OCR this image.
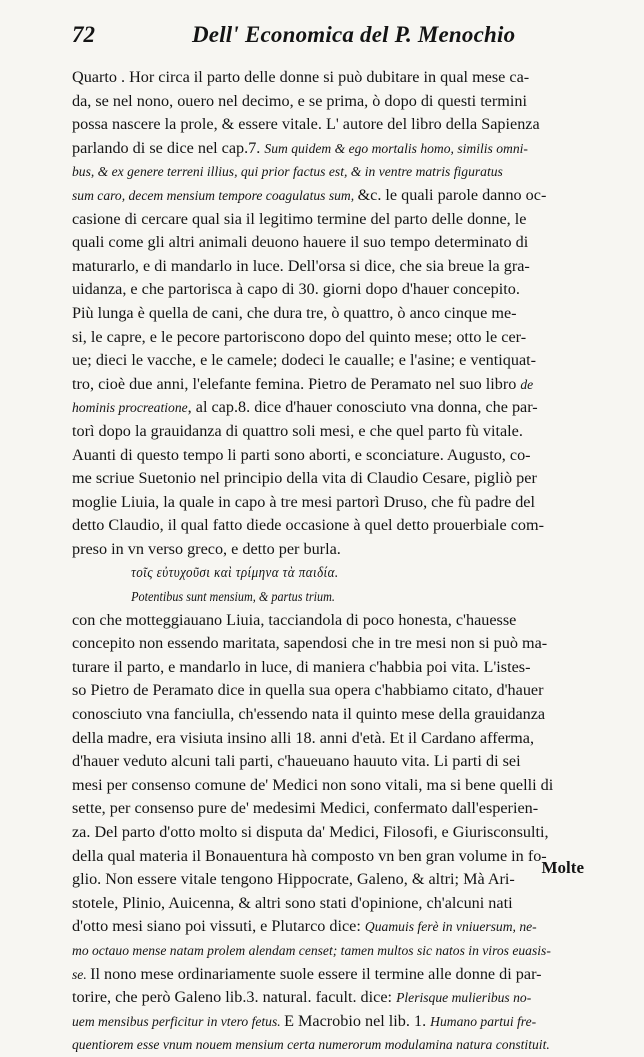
72	Dell' Economica del P. Menochio
Quarto . Hor circa il parto delle donne si può dubitare in qual mese ca-
da, se nel nono, ouero nel decimo, e se prima, ò dopo di questi termini
possa nascere la prole, & essere vitale. L' autore del libro della Sapienza
parlando di se dice nel cap.7. Sum quidem & ego mortalis homo, similis omni-
bus, & ex genere terreni illius, qui prior factus est, & in ventre matris figuratus
sum caro, decem mensium tempore coagulatus sum, &c. le quali parole danno oc-
casione di cercare qual sia il legitimo termine del parto delle donne, le
quali come gli altri animali deuono hauere il suo tempo determinato di
maturarlo, e di mandarlo in luce. Dell'orsa si dice, che sia breue la gra-
uidanza, e che partorisca à capo di 30. giorni dopo d'hauer concepito.
Più lunga è quella de cani, che dura tre, ò quattro, ò anco cinque me-
si, le capre, e le pecore partoriscono dopo del quinto mese; otto le cer-
ue; dieci le vacche, e le camele; dodeci le caualle; e l'asine; e ventiquat-
tro, cioè due anni, l'elefante femina. Pietro de Peramato nel suo libro de
hominis procreatione, al cap.8. dice d'hauer conosciuto vna donna, che par-
torì dopo la grauidanza di quattro soli mesi, e che quel parto fù vitale.
Auanti di questo tempo li parti sono aborti, e sconciature. Augusto, co-
me scriue Suetonio nel principio della vita di Claudio Cesare, pigliò per
moglie Liuia, la quale in capo à tre mesi partorì Druso, che fù padre del
detto Claudio, il qual fatto diede occasione à quel detto prouerbiale com-
preso in vn verso greco, e detto per burla.
τοῖς εὐτυχοῦσι καὶ τρίμηνα τὰ παιδία.
Potentibus sunt mensium, & partus trium.
con che motteggiauano Liuia, tacciandola di poco honesta, c'hauesse
concepito non essendo maritata, sapendosi che in tre mesi non si può ma-
turare il parto, e mandarlo in luce, di maniera c'habbia poi vita. L'istes-
so Pietro de Peramato dice in quella sua opera c'habbiamo citato, d'hauer
conosciuto vna fanciulla, ch'essendo nata il quinto mese della grauidanza
della madre, era visiuta insino alli 18. anni d'età. Et il Cardano afferma,
d'hauer veduto alcuni tali parti, c'haueuano hauuto vita. Li parti di sei
mesi per consenso comune de' Medici non sono vitali, ma si bene quelli di
sette, per consenso pure de' medesimi Medici, confermato dall'esperien-
za. Del parto d'otto molto si disputa da' Medici, Filosofi, e Giurisconsulti,
della qual materia il Bonauentura hà composto vn ben gran volume in fo-
glio. Non essere vitale tengono Hippocrate, Galeno, & altri; Mà Ari-
stotele, Plinio, Auicenna, & altri sono stati d'opinione, ch'alcuni nati
d'otto mesi siano poi vissuti, e Plutarco dice: Quamuis ferè in vniuersum, ne-
mo octauo mense natam prolem alendam censet; tamen multos sic natos in viros euasis-
se. Il nono mese ordinariamente suole essere il termine alle donne di par-
torire, che però Galeno lib.3. natural. facult. dice: Plerisque mulieribus no-
uem mensibus perficitur in vtero fetus. E Macrobio nel lib. 1. Humano partui fre-
quentiorem esse vnum nouem mensium certa numerorum modulamina natura constituit.
Molte
